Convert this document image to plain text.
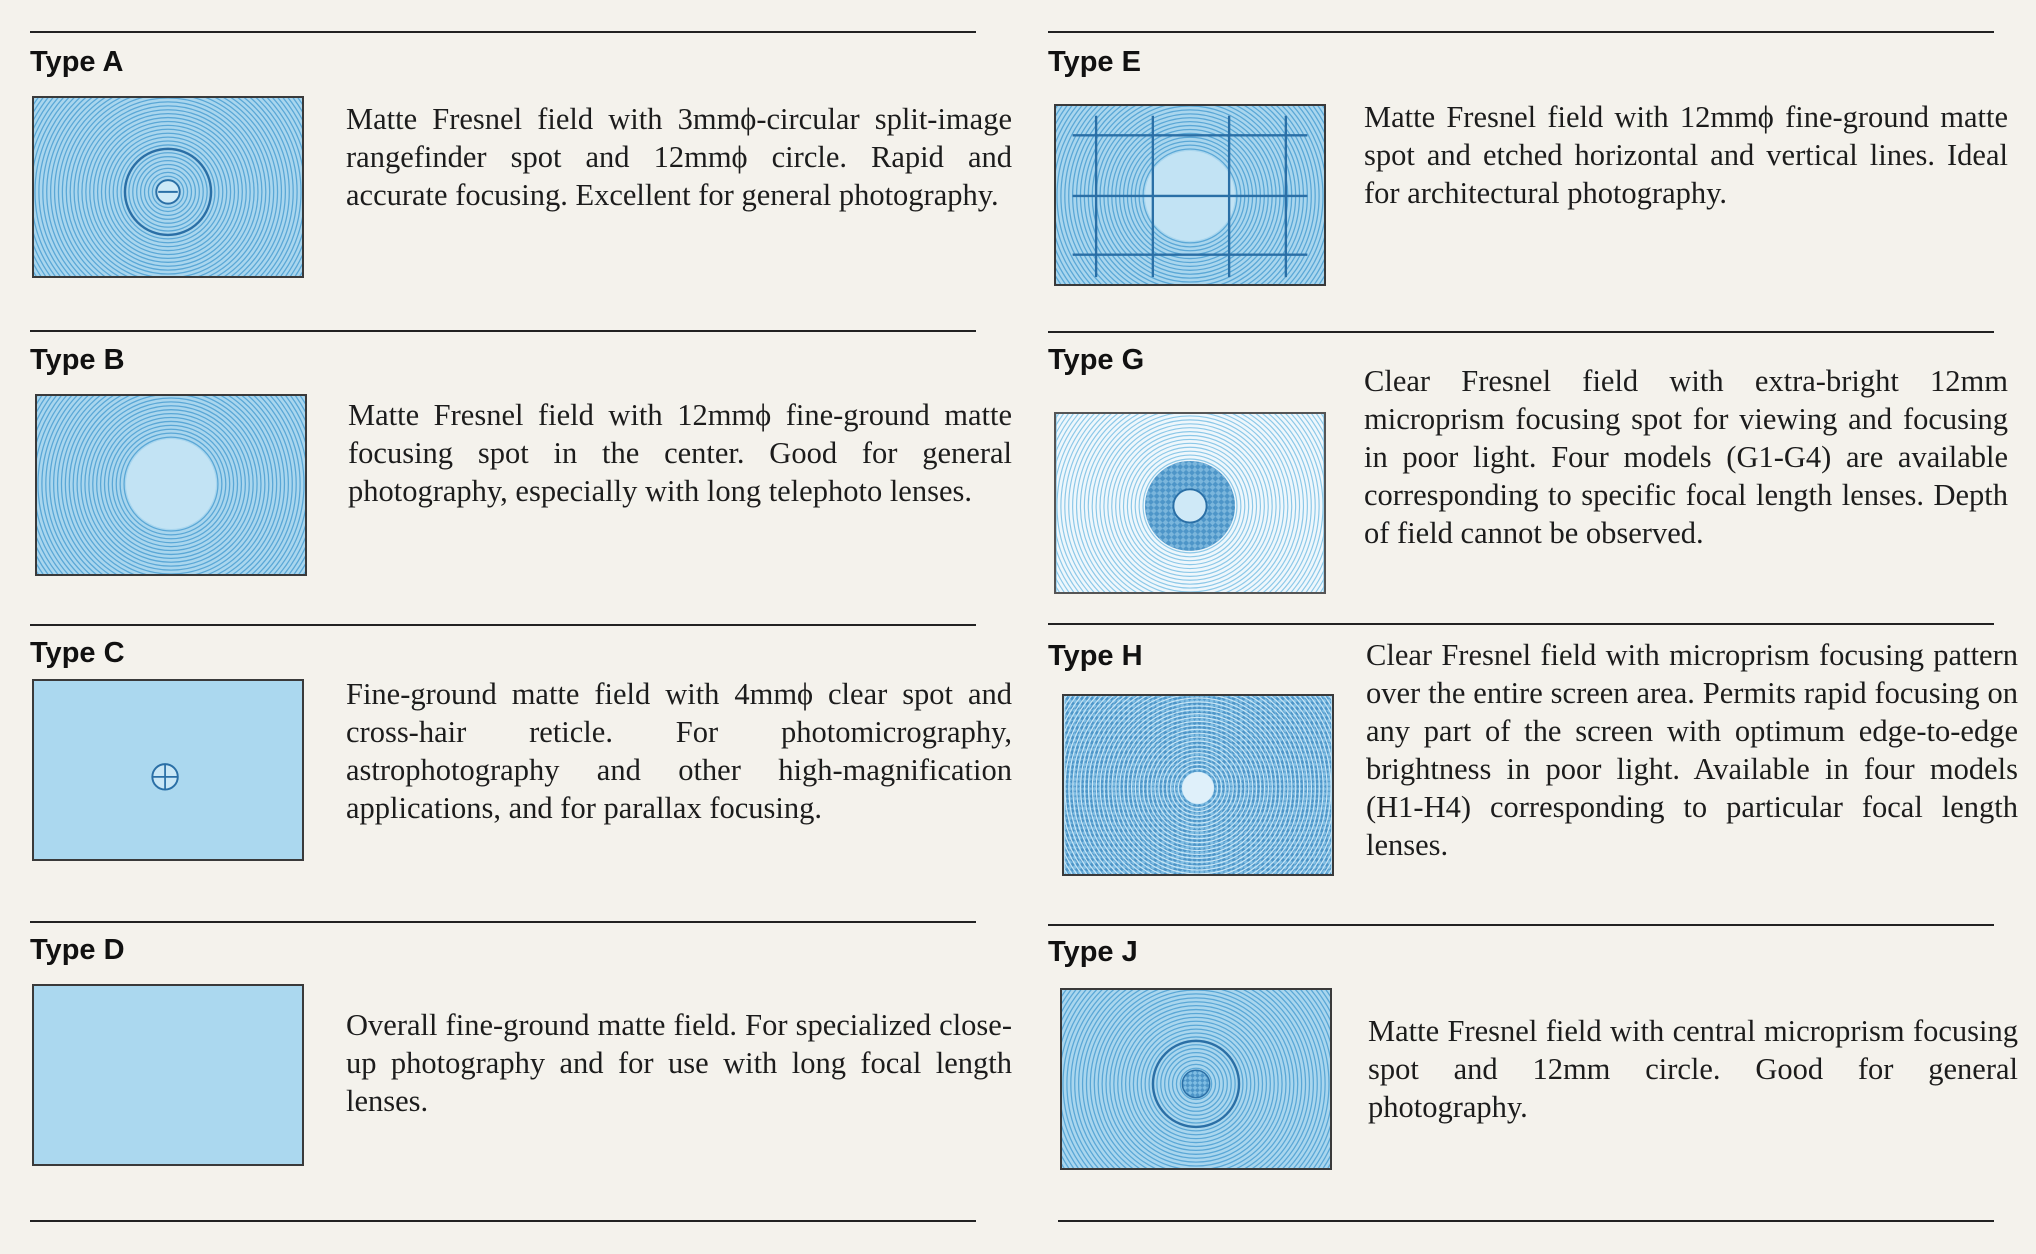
Type A
Matte Fresnel field with 3mmϕ-circular split-image rangefinder spot and 12mmϕ circle. Rapid and accurate focusing. Excellent for general photography.
Type B
Matte Fresnel field with 12mmϕ fine-ground matte focusing spot in the center. Good for general photography, especially with long telephoto lenses.
Type C
Fine-ground matte field with 4mmϕ clear spot and cross-hair reticle. For photomicrography, astrophotography and other high-magnification applications, and for parallax focusing.
Type D
Overall fine-ground matte field. For specialized close-up photography and for use with long focal length lenses.
Type E
Matte Fresnel field with 12mmϕ fine-ground matte spot and etched horizontal and vertical lines. Ideal for architectural photography.
Type G
Clear Fresnel field with extra-bright 12mm microprism focusing spot for viewing and focusing in poor light. Four models (G1-G4) are available corresponding to specific focal length lenses. Depth of field cannot be observed.
Type H	Clear Fresnel field with microprism focusing pattern over the entire screen area. Permits rapid focusing on any part of the screen with optimum edge-to-edge brightness in poor light. Available in four models (H1-H4) corresponding to particular focal length lenses.
Type J
Matte Fresnel field with central microprism focusing spot and 12mm circle. Good for general photography.
